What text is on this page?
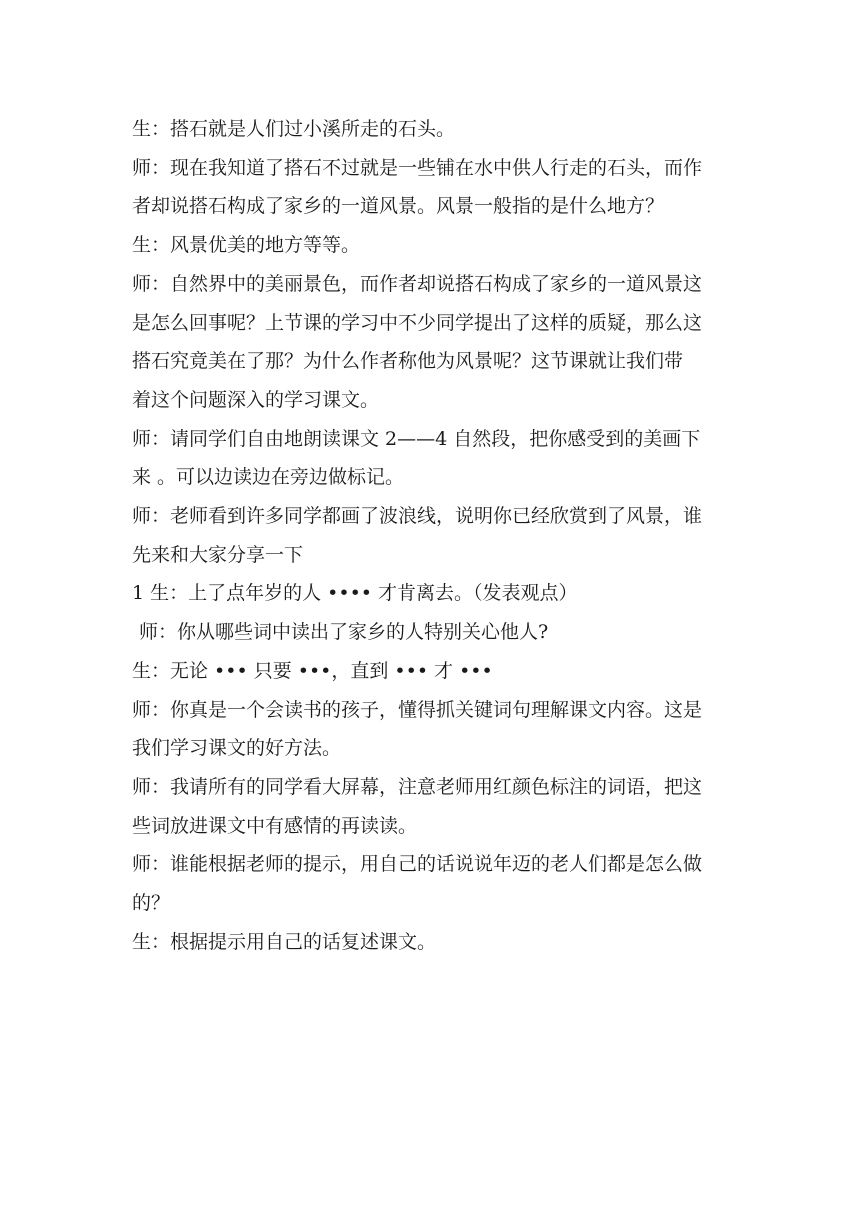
生：搭石就是人们过小溪所走的石头。

师：现在我知道了搭石不过就是一些铺在水中供人行走的石头，而作
者却说搭石构成了家乡的一道风景。风景一般指的是什么地方？

生：风景优美的地方等等。

师：自然界中的美丽景色，而作者却说搭石构成了家乡的一道风景这
是怎么回事呢？上节课的学习中不少同学提出了这样的质疑，那么这
搭石究竟美在了那？为什么作者称他为风景呢？这节课就让我们带
着这个问题深入的学习课文。

师：请同学们自由地朗读课文 2——4 自然段，把你感受到的美画下
来 。可以边读边在旁边做标记。

师：老师看到许多同学都画了波浪线，说明你已经欣赏到了风景，谁
先来和大家分享一下

1 生：上了点年岁的人 •••• 才肯离去。（发表观点）

师：你从哪些词中读出了家乡的人特别关心他人?

生：无论 ••• 只要 •••，直到 ••• 才 •••

师：你真是一个会读书的孩子，懂得抓关键词句理解课文内容。这是
我们学习课文的好方法。

师：我请所有的同学看大屏幕，注意老师用红颜色标注的词语，把这
些词放进课文中有感情的再读读。

师：谁能根据老师的提示，用自己的话说说年迈的老人们都是怎么做
的？

生：根据提示用自己的话复述课文。
